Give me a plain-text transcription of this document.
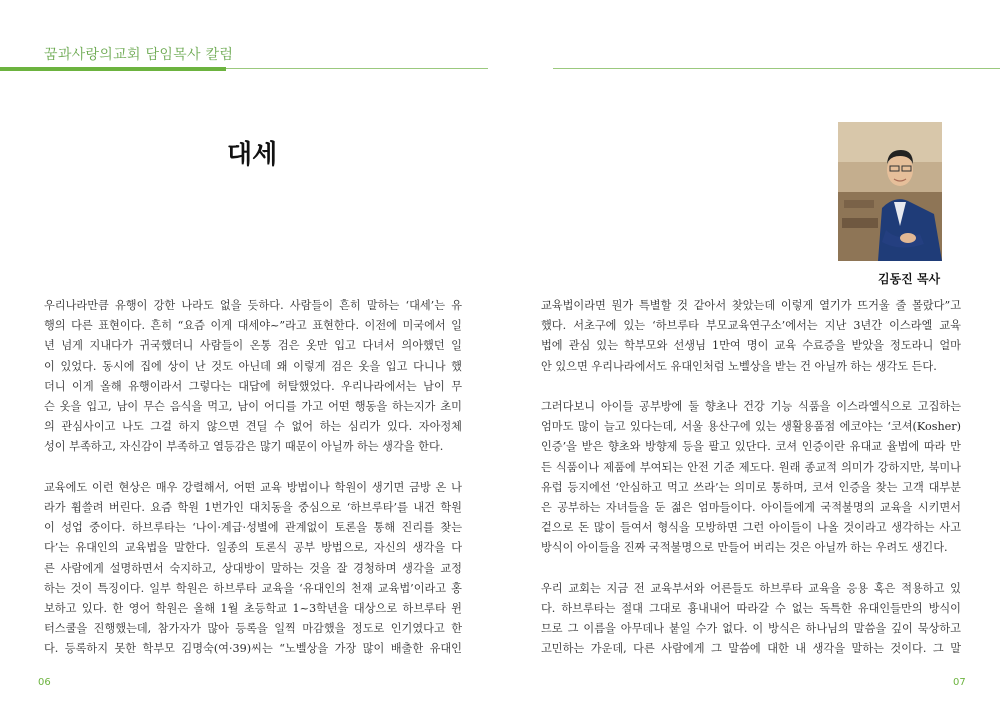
꿈과사랑의교회 담임목사 칼럼
대세
김동진 목사
우리나라만큼 유행이 강한 나라도 없을 듯하다. 사람들이 흔히 말하는 ‘대세’는 유
행의 다른 표현이다. 흔히 “요즘 이게 대세야~”라고 표현한다. 이전에 미국에서 일
년 넘게 지내다가 귀국했더니 사람들이 온통 검은 옷만 입고 다녀서 의아했던 일
이 있었다. 동시에 집에 상이 난 것도 아닌데 왜 이렇게 검은 옷을 입고 다니나 했
더니 이게 올해 유행이라서 그렇다는 대답에 허탈했었다. 우리나라에서는 남이 무
슨 옷을 입고, 남이 무슨 음식을 먹고, 남이 어디를 가고 어떤 행동을 하는지가 초미
의 관심사이고 나도 그걸 하지 않으면 견딜 수 없어 하는 심리가 있다. 자아정체
성이 부족하고, 자신감이 부족하고 열등감은 많기 때문이 아닐까 하는 생각을 한다.
교육에도 이런 현상은 매우 강렬해서, 어떤 교육 방법이나 학원이 생기면 금방 온 나
라가 휩쓸려 버린다. 요즘 학원 1번가인 대치동을 중심으로 ‘하브루타’를 내건 학원
이 성업 중이다. 하브루타는 ‘나이·계급·성별에 관계없이 토론을 통해 진리를 찾는
다’는 유대인의 교육법을 말한다. 일종의 토론식 공부 방법으로, 자신의 생각을 다
른 사람에게 설명하면서 숙지하고, 상대방이 말하는 것을 잘 경청하며 생각을 교정
하는 것이 특징이다. 일부 학원은 하브루타 교육을 ‘유대인의 천재 교육법’이라고 홍
보하고 있다. 한 영어 학원은 올해 1월 초등학교 1~3학년을 대상으로 하브루타 윈
터스쿨을 진행했는데, 참가자가 많아 등록을 일찍 마감했을 정도로 인기였다고 한
다. 등록하지 못한 학부모 김명숙(여·39)씨는 “노벨상을 가장 많이 배출한 유대인
교육법이라면 뭔가 특별할 것 같아서 찾았는데 이렇게 열기가 뜨거울 줄 몰랐다”고
했다. 서초구에 있는 ‘하브루타 부모교육연구소’에서는 지난 3년간 이스라엘 교육
법에 관심 있는 학부모와 선생님 1만여 명이 교육 수료증을 받았을 정도라니 얼마
안 있으면 우리나라에서도 유대인처럼 노벨상을 받는 건 아닐까 하는 생각도 든다.
그러다보니 아이들 공부방에 둘 향초나 건강 기능 식품을 이스라엘식으로 고집하는
엄마도 많이 늘고 있다는데, 서울 용산구에 있는 생활용품점 에코야는 ‘코셔(Kosher)
인증’을 받은 향초와 방향제 등을 팔고 있단다. 코셔 인증이란 유대교 율법에 따라 만
든 식품이나 제품에 부여되는 안전 기준 제도다. 원래 종교적 의미가 강하지만, 북미나
유럽 등지에선 ‘안심하고 먹고 쓰라’는 의미로 통하며, 코셔 인증을 찾는 고객 대부분
은 공부하는 자녀들을 둔 젊은 엄마들이다. 아이들에게 국적불명의 교육을 시키면서
겉으로 돈 많이 들여서 형식을 모방하면 그런 아이들이 나올 것이라고 생각하는 사고
방식이 아이들을 진짜 국적불명으로 만들어 버리는 것은 아닐까 하는 우려도 생긴다.
우리 교회는 지금 전 교육부서와 어른들도 하브루타 교육을 응용 혹은 적용하고 있
다. 하브루타는 절대 그대로 흉내내어 따라갈 수 없는 독특한 유대인들만의 방식이
므로 그 이름을 아무데나 붙일 수가 없다. 이 방식은 하나님의 말씀을 깊이 묵상하고
고민하는 가운데, 다른 사람에게 그 말씀에 대한 내 생각을 말하는 것이다. 그 말
06	07
